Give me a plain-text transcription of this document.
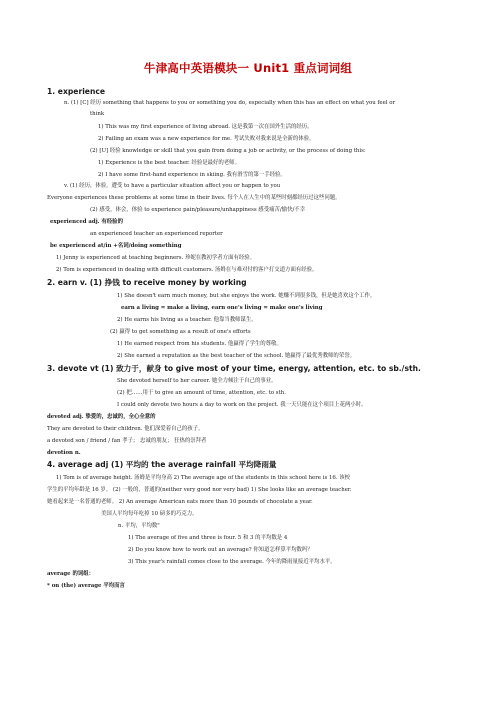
牛津高中英语模块一 Unit1 重点词词组
1. experience
n. (1) [C] 经历 something that happens to you or something you do, especially when this has an effect on what you feel or
think
1) This was my first experience of living abroad. 这是我第一次在国外生活的经历。
2) Failing an exam was a new experience for me. 考试失败对我来说是全新的体验。
(2) [U] 经验 knowledge or skill that you gain from doing a job or activity, or the process of doing this:
1) Experience is the best teacher. 经验是最好的老师。
2) I have some first-hand experience in skiing. 我有滑雪的第一手经验。
v. (1) 经历，体验，遭受 to have a particular situation affect you or happen to you
Everyone experiences these problems at some time in their lives. 每个人在人生中的某些时刻都经历过这些问题。
(2) 感受，体会，体验 to experience pain/pleasure/unhappiness 感受痛苦/愉快/不幸
experienced adj. 有经验的
an experienced teacher an experienced reporter
be experienced at/in +名词/doing something
1) Jenny is experienced at teaching beginners. 珍妮在教初学者方面有经验。
2) Tom is experienced in dealing with difficult customers. 汤姆在与难对付的客户打交道方面有经验。
2. earn v. (1) 挣钱 to receive money by working
1) She doesn't earn much money, but she enjoys the work. 她赚不到很多钱，但是她喜欢这个工作。
earn a living = make a living, earn one's living = make one's living
2) He earns his living as a teacher. 他靠当教师谋生。
(2) 赢得 to get something as a result of one's efforts
1) He earned respect from his students. 他赢得了学生的尊敬。
2) She earned a reputation as the best teacher of the school. 她赢得了最优秀教师的荣誉。
3. devote vt (1) 致力于，献身 to give most of your time, energy, attention, etc. to sb./sth.
She devoted herself to her career. 她全力倾注于自己的事业。
(2) 把……用于 to give an amount of time, attention, etc. to sth.
I could only devote two hours a day to work on the project. 我一天只能在这个项目上花两小时。
devoted adj. 挚爱的，忠诚的，全心全意的
They are devoted to their children. 他们深爱着自己的孩子。
a devoted son / friend / fan 孝子； 忠诚的朋友； 狂热的崇拜者
devotion n.
4. average adj (1) 平均的 the average rainfall 平均降雨量
1) Tom is of average height. 汤姆是平均身高 2) The average age of the students in this school here is 16. 该校
学生的平均年龄是 16 岁。 (2) 一般的，普通的(neither very good nor very bad) 1) She looks like an average teacher.
她看起来是一名普通的老师。 2) An average American eats more than 10 pounds of chocolate a year.
美国人平均每年吃掉 10 磅多的巧克力。
n. 平均，平均数"
1) The average of five and three is four. 5 和 3 的平均数是 4
2) Do you know how to work out an average? 你知道怎样算平均数吗？
3) This year's rainfall comes close to the average. 今年的降雨量接近平均水平。
average 的词组：
* on (the) average 平均而言
